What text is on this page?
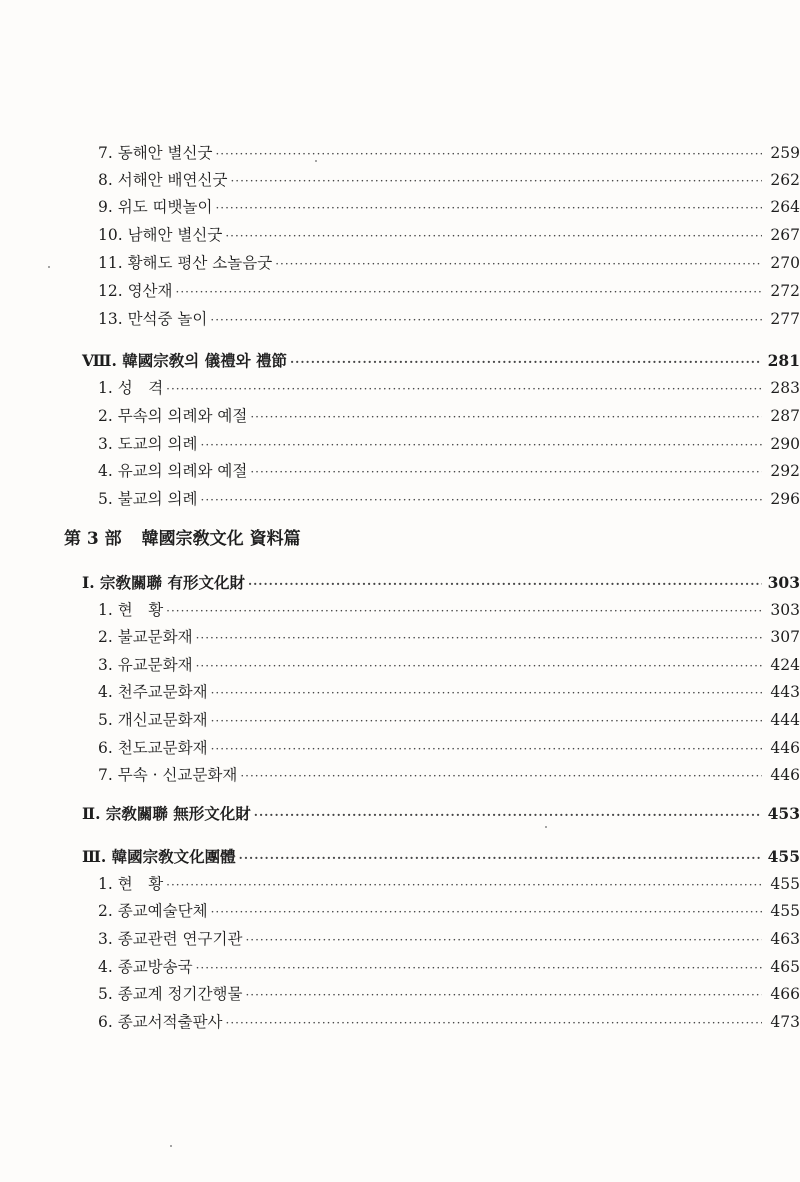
7. 동해안 별신굿 ·····	259
8. 서해안 배연신굿 ·····	262
9. 위도 띠뱃놀이 ·····	264
10. 남해안 별신굿 ·····	267
11. 황해도 평산 소놀음굿 ·····	270
12. 영산재 ·····	272
13. 만석중 놀이 ·····	277
Ⅷ. 韓國宗敎의 儀禮와 禮節 ·····	281
1. 성　격 ·····	283
2. 무속의 의례와 예절 ·····	287
3. 도교의 의례 ·····	290
4. 유교의 의례와 예절 ·····	292
5. 불교의 의례 ·····	296
第 3 部 韓國宗敎文化 資料篇
Ⅰ. 宗敎關聯 有形文化財 ·····	303
1. 현　황 ·····	303
2. 불교문화재 ·····	307
3. 유교문화재 ·····	424
4. 천주교문화재 ·····	443
5. 개신교문화재 ·····	444
6. 천도교문화재 ·····	446
7. 무속 · 신교문화재 ·····	446
Ⅱ. 宗敎關聯 無形文化財 ·····	453
Ⅲ. 韓國宗敎文化團體 ·····	455
1. 현　황 ·····	455
2. 종교예술단체 ·····	455
3. 종교관련 연구기관 ·····	463
4. 종교방송국 ·····	465
5. 종교계 정기간행물 ·····	466
6. 종교서적출판사 ·····	473
